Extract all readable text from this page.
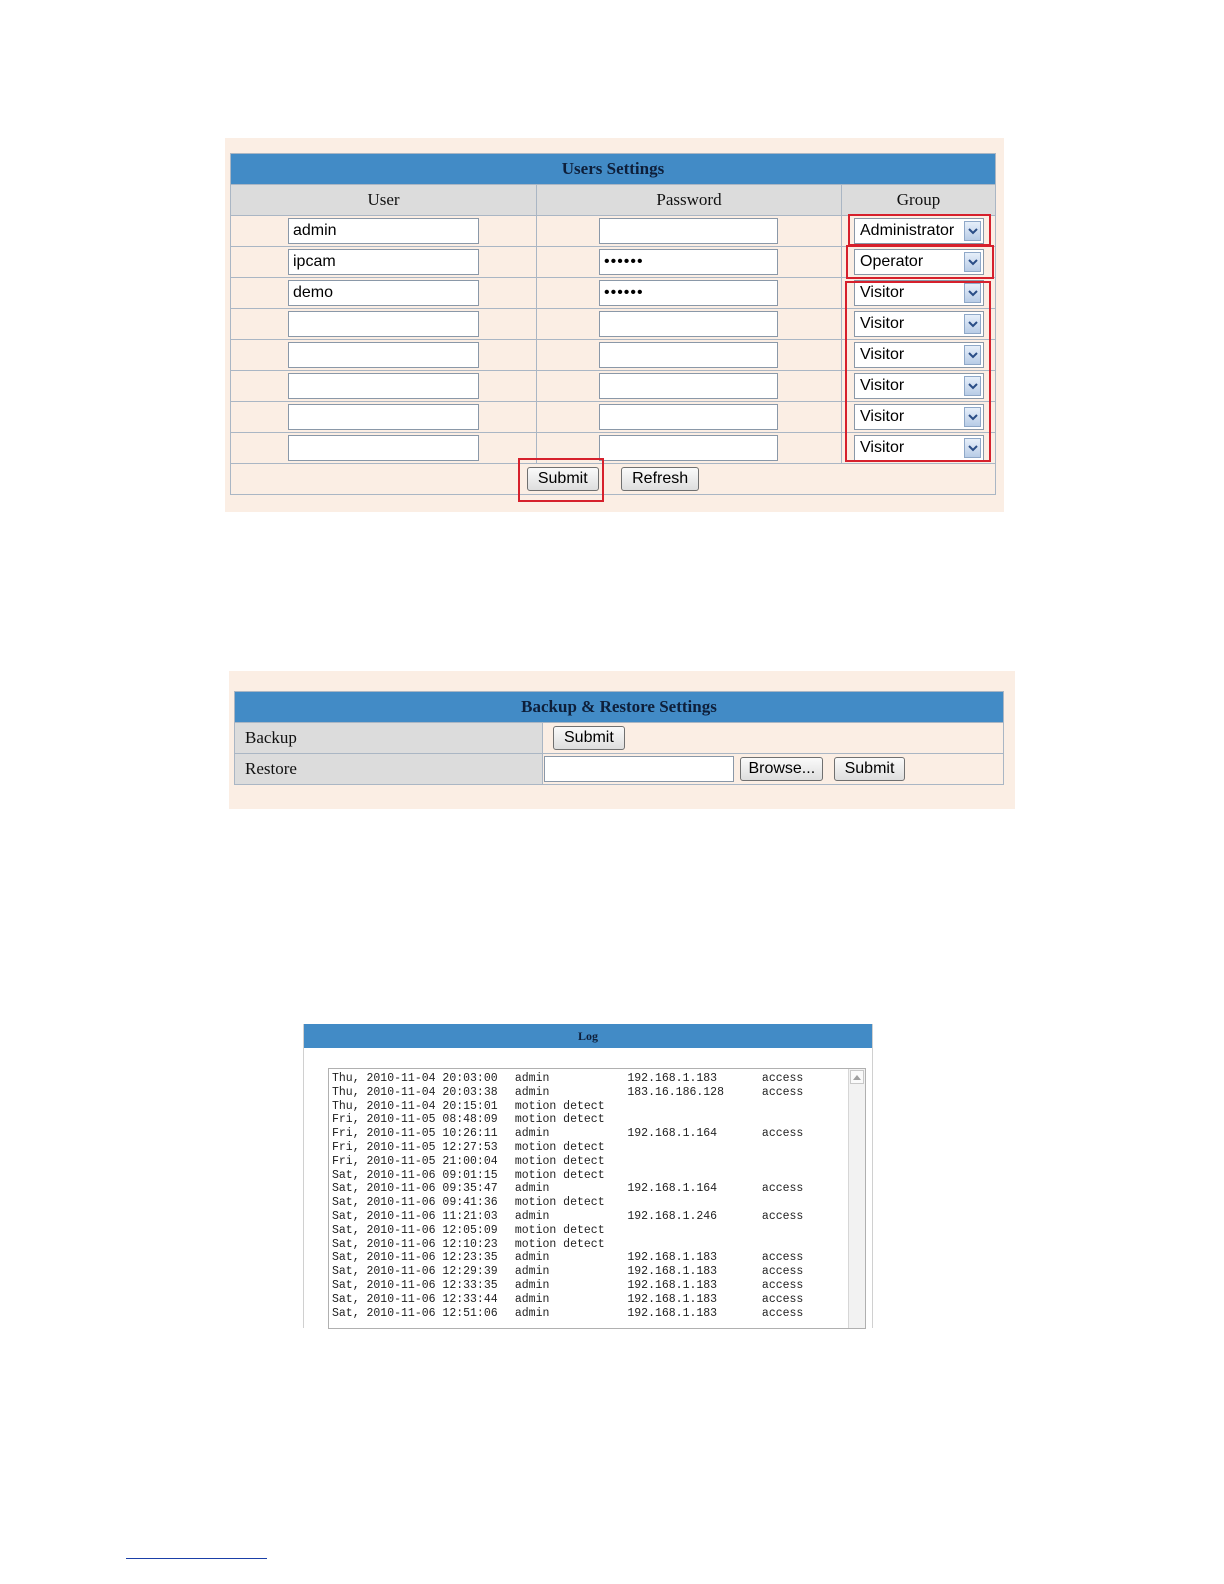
Users Settings		
User	Password	Group
admin		Administrator

ipcam	••••••	Operator

demo	••••••	Visitor

		Visitor

		Visitor

		Visitor

		Visitor

		Visitor

Submit Refresh		
Backup & Restore Settings	
Backup	Submit
Restore	Browse... Submit
Log
Thu, 2010-11-04 20:03:00 admin	192.168.1.183	access
Thu, 2010-11-04 20:03:38 admin	183.16.186.128	access
Thu, 2010-11-04 20:15:01 motion detect
Fri, 2010-11-05 08:48:09 motion detect
Fri, 2010-11-05 10:26:11 admin	192.168.1.164	access
Fri, 2010-11-05 12:27:53 motion detect
Fri, 2010-11-05 21:00:04 motion detect
Sat, 2010-11-06 09:01:15 motion detect
Sat, 2010-11-06 09:35:47 admin	192.168.1.164	access
Sat, 2010-11-06 09:41:36 motion detect
Sat, 2010-11-06 11:21:03 admin	192.168.1.246	access
Sat, 2010-11-06 12:05:09 motion detect
Sat, 2010-11-06 12:10:23 motion detect
Sat, 2010-11-06 12:23:35 admin	192.168.1.183	access
Sat, 2010-11-06 12:29:39 admin	192.168.1.183	access
Sat, 2010-11-06 12:33:35 admin	192.168.1.183	access
Sat, 2010-11-06 12:33:44 admin	192.168.1.183	access
Sat, 2010-11-06 12:51:06 admin	192.168.1.183	access
